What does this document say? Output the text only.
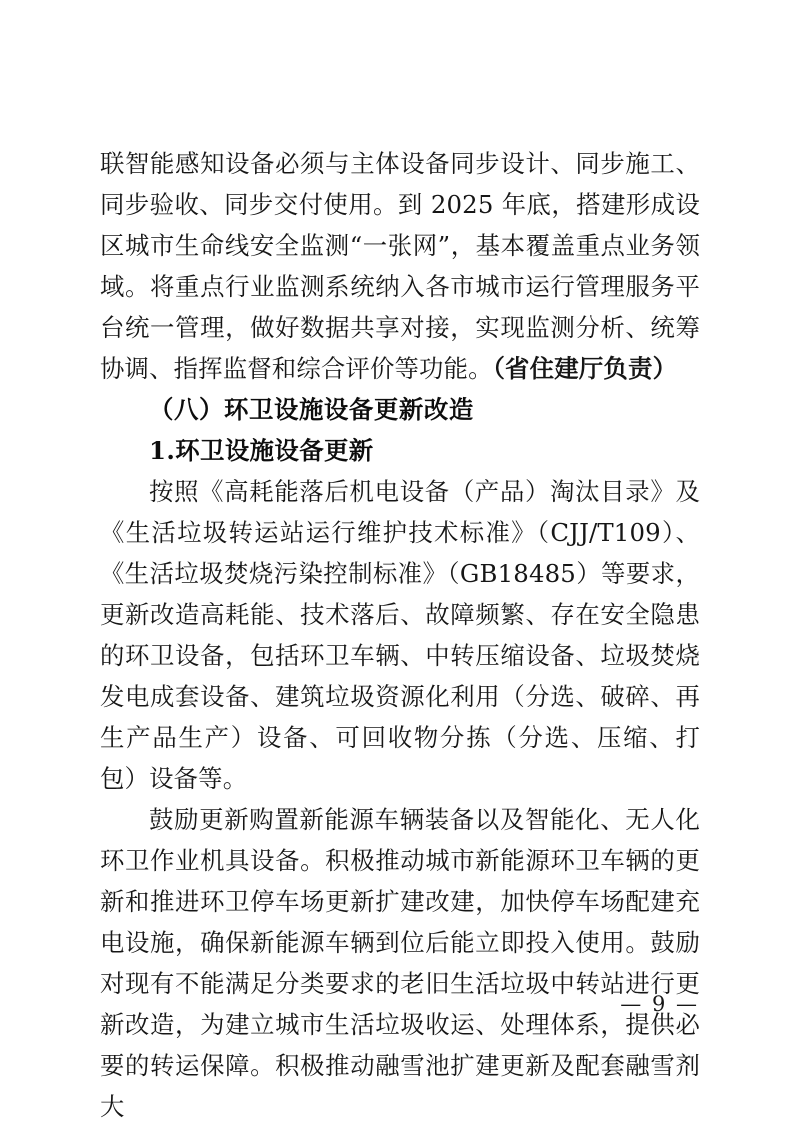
联智能感知设备必须与主体设备同步设计、同步施工、同步验收、同步交付使用。到 2025 年底，搭建形成设区城市生命线安全监测“一张网”，基本覆盖重点业务领域。将重点行业监测系统纳入各市城市运行管理服务平台统一管理，做好数据共享对接，实现监测分析、统筹协调、指挥监督和综合评价等功能。（省住建厅负责）

（八）环卫设施设备更新改造

1.环卫设施设备更新

按照《高耗能落后机电设备（产品）淘汰目录》及《生活垃圾转运站运行维护技术标准》（CJJ/T109）、《生活垃圾焚烧污染控制标准》（GB18485）等要求，更新改造高耗能、技术落后、故障频繁、存在安全隐患的环卫设备，包括环卫车辆、中转压缩设备、垃圾焚烧发电成套设备、建筑垃圾资源化利用（分选、破碎、再生产品生产）设备、可回收物分拣（分选、压缩、打包）设备等。

鼓励更新购置新能源车辆装备以及智能化、无人化环卫作业机具设备。积极推动城市新能源环卫车辆的更新和推进环卫停车场更新扩建改建，加快停车场配建充电设施，确保新能源车辆到位后能立即投入使用。鼓励对现有不能满足分类要求的老旧生活垃圾中转站进行更新改造，为建立城市生活垃圾收运、处理体系，提供必要的转运保障。积极推动融雪池扩建更新及配套融雪剂大

— 9 —
